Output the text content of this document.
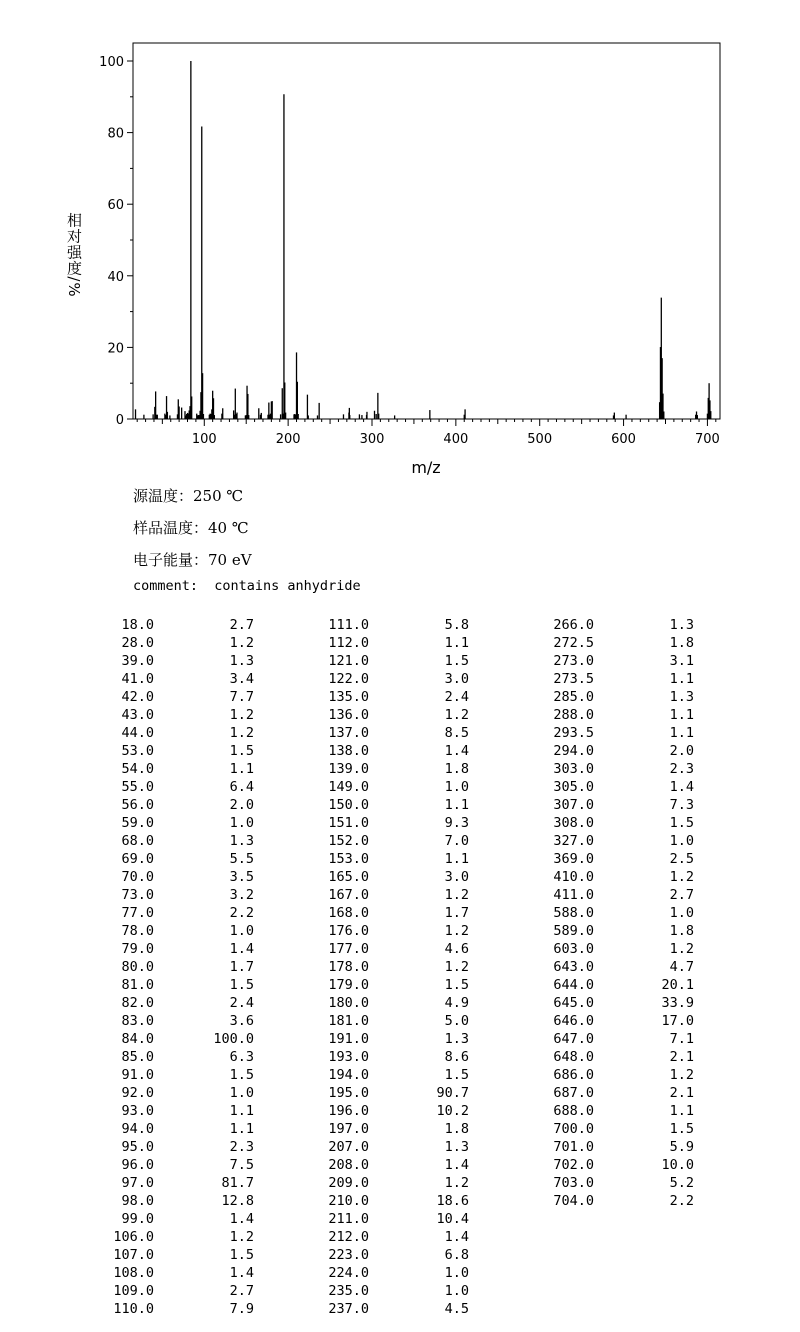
0
20
40
60
80
100
100	200	300	400	500	600	700
m/z
相对强度/%
源温度：250 ℃
样品温度：40 ℃
电子能量：70 eV
comment:  contains anhydride
18.0	2.7
28.0	1.2
39.0	1.3
41.0	3.4
42.0	7.7
43.0	1.2
44.0	1.2
53.0	1.5
54.0	1.1
55.0	6.4
56.0	2.0
59.0	1.0
68.0	1.3
69.0	5.5
70.0	3.5
73.0	3.2
77.0	2.2
78.0	1.0
79.0	1.4
80.0	1.7
81.0	1.5
82.0	2.4
83.0	3.6
84.0	100.0
85.0	6.3
91.0	1.5
92.0	1.0
93.0	1.1
94.0	1.1
95.0	2.3
96.0	7.5
97.0	81.7
98.0	12.8
99.0	1.4
106.0	1.2
107.0	1.5
108.0	1.4
109.0	2.7
110.0	7.9
111.0	5.8
112.0	1.1
121.0	1.5
122.0	3.0
135.0	2.4
136.0	1.2
137.0	8.5
138.0	1.4
139.0	1.8
149.0	1.0
150.0	1.1
151.0	9.3
152.0	7.0
153.0	1.1
165.0	3.0
167.0	1.2
168.0	1.7
176.0	1.2
177.0	4.6
178.0	1.2
179.0	1.5
180.0	4.9
181.0	5.0
191.0	1.3
193.0	8.6
194.0	1.5
195.0	90.7
196.0	10.2
197.0	1.8
207.0	1.3
208.0	1.4
209.0	1.2
210.0	18.6
211.0	10.4
212.0	1.4
223.0	6.8
224.0	1.0
235.0	1.0
237.0	4.5
266.0	1.3
272.5	1.8
273.0	3.1
273.5	1.1
285.0	1.3
288.0	1.1
293.5	1.1
294.0	2.0
303.0	2.3
305.0	1.4
307.0	7.3
308.0	1.5
327.0	1.0
369.0	2.5
410.0	1.2
411.0	2.7
588.0	1.0
589.0	1.8
603.0	1.2
643.0	4.7
644.0	20.1
645.0	33.9
646.0	17.0
647.0	7.1
648.0	2.1
686.0	1.2
687.0	2.1
688.0	1.1
700.0	1.5
701.0	5.9
702.0	10.0
703.0	5.2
704.0	2.2
